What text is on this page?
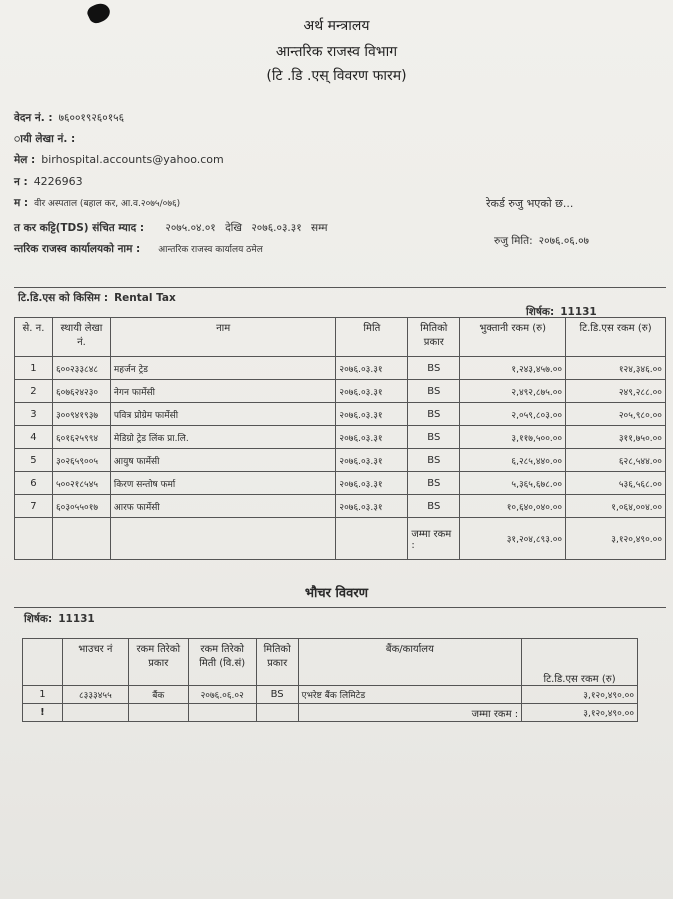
अर्थ मन्त्रालय
आन्तरिक राजस्व विभाग
(टि .डि .एस् विवरण फारम)
वेदन नं. : ७६००१९२६०१५६
ायी लेखा नं. :
मेल : birhospital.accounts@yahoo.com
न : 4226963
म : वीर अस्पताल (बहाल कर, आ.व.२०७५/०७६)	रेकर्ड रुजु भएको छ...
त कर कट्टि(TDS) संचित म्याद : २०७५.०४.०१ देखि २०७६.०३.३१ सम्म
न्तरिक राजस्व कार्यालयको नाम : आन्तरिक राजस्व कार्यालय ठमेल
रुजु मिति: २०७६.०६.०७
टि.डि.एस को किसिम : Rental Tax
शिर्षक: 11131
से. न.	स्थायी लेखा नं.	नाम	मिति	मितिको प्रकार	भुक्तानी रकम (रु)	टि.डि.एस रकम (रु)
1	६००२३३८४८	महर्जन ट्रेड	२०७६.०३.३१	BS	१,२४३,४५७.००	१२४,३४६.००
2	६०७६२४२३०	नेगन फार्मेसी	२०७६.०३.३१	BS	२,४९२,८७५.००	२४९,२८८.००
3	३००९४१९३७	पवित्र प्रोग्रेम फार्मेसी	२०७६.०३.३१	BS	२,०५९,८०३.००	२०५,९८०.००
4	६०१६२५९९४	मेडिग्रो ट्रेड लिंक प्रा.लि.	२०७६.०३.३१	BS	३,११७,५००.००	३११,७५०.००
5	३०२६५९००५	आयुष फार्मेसी	२०७६.०३.३१	BS	६,२८५,४४०.००	६२८,५४४.००
6	५००२१८५४५	किरण सन्तोष फर्मा	२०७६.०३.३१	BS	५,३६५,६७८.००	५३६,५६८.००
7	६०३०५५०१७	आरफ फार्मेसी	२०७६.०३.३१	BS	१०,६४०,०४०.००	१,०६४,००४.००
				जम्मा रकम :	३१,२०४,८९३.००	३,१२०,४९०.००
भौचर विवरण
शिर्षक: 11131
	भाउचर नं	रकम तिरेको प्रकार	रकम तिरेको मिती (वि.सं)	मितिको प्रकार	बैंक/कार्यालय	टि.डि.एस रकम (रु)
1	८३३३४५५	बैंक	२०७६.०६.०२	BS	एभरेष्ट बैंक लिमिटेड	३,१२०,४९०.००
!					जम्मा रकम :	३,१२०,४९०.००
